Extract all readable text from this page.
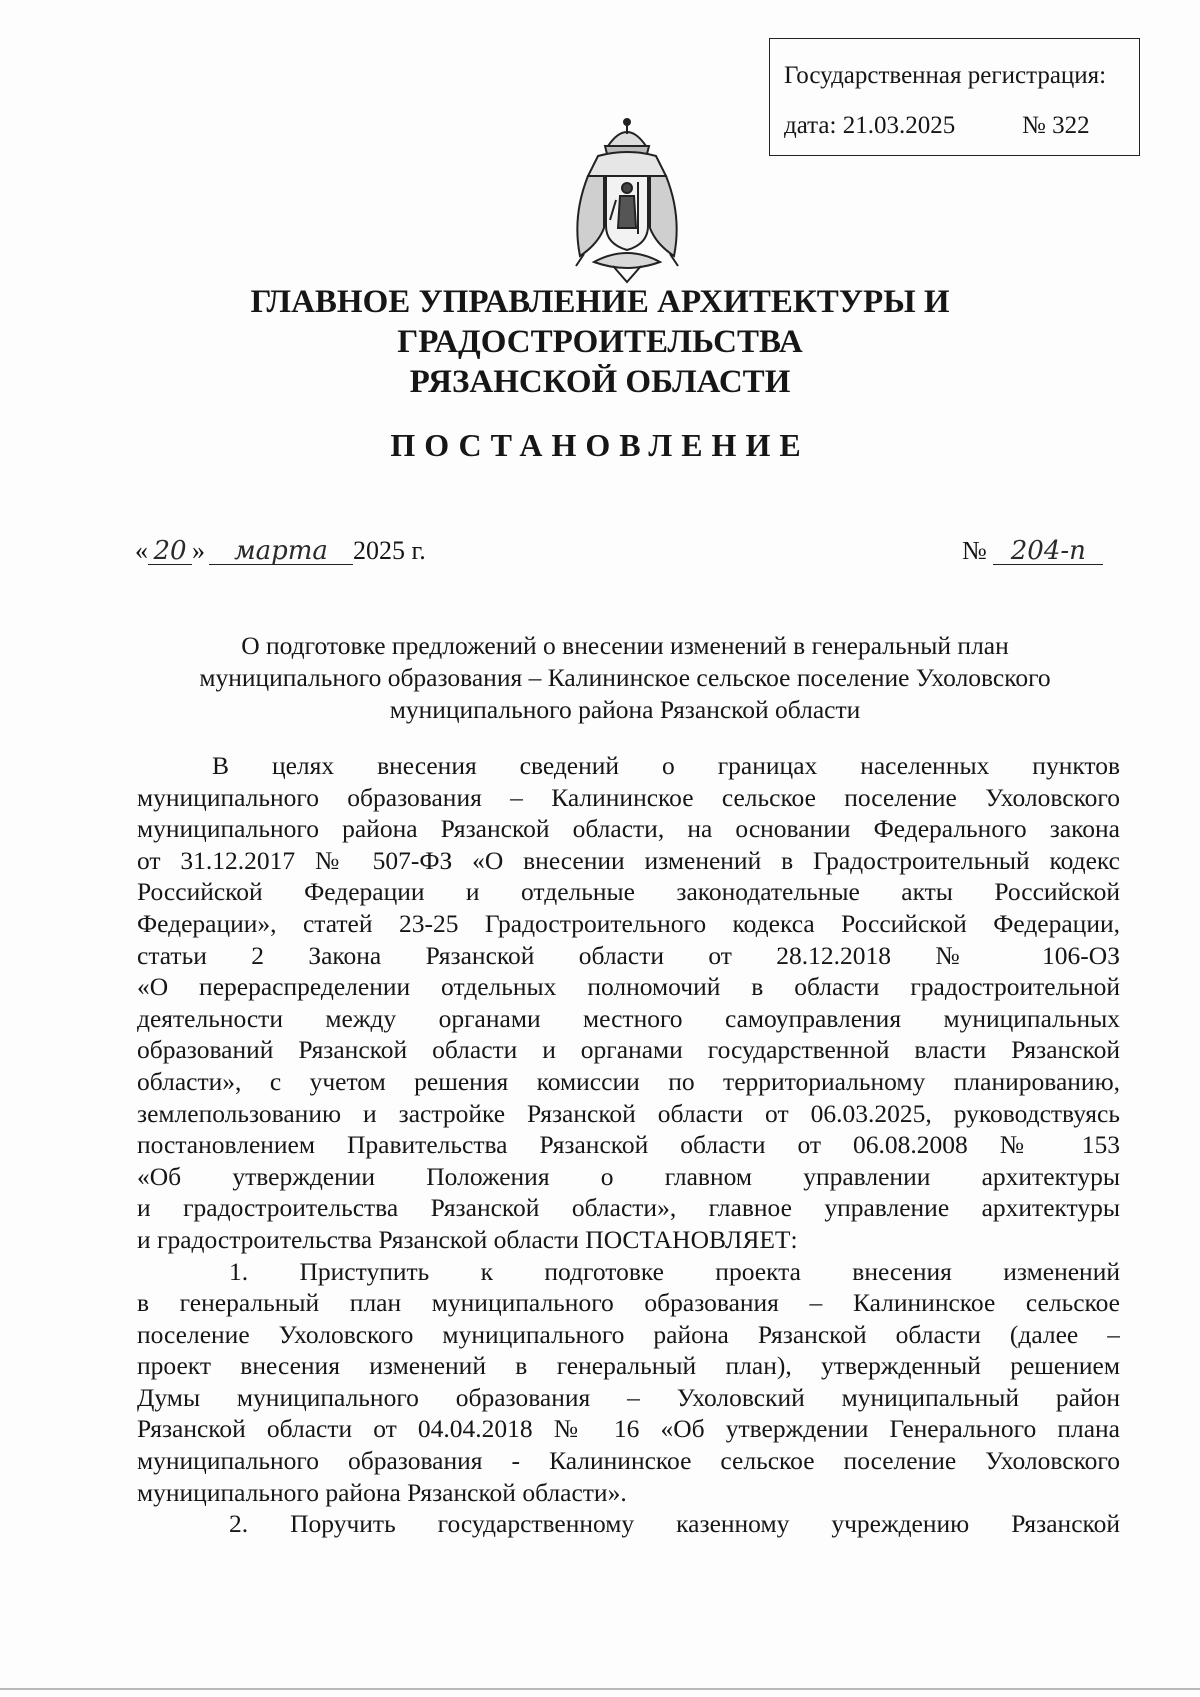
Государственная регистрация:
дата: 21.03.2025	№ 322
ГЛАВНОЕ УПРАВЛЕНИЕ АРХИТЕКТУРЫ И ГРАДОСТРОИТЕЛЬСТВА
РЯЗАНСКОЙ ОБЛАСТИ
ПОСТАНОВЛЕНИЕ
« 20 » марта 2025 г.	№ 204-п
О подготовке предложений о внесении изменений в генеральный план
муниципального образования – Калининское сельское поселение Ухоловского
муниципального района Рязанской области
В целях внесения сведений о границах населенных пунктов
муниципального образования – Калининское сельское поселение Ухоловского
муниципального района Рязанской области, на основании Федерального закона
от 31.12.2017 № 507-ФЗ «О внесении изменений в Градостроительный кодекс
Российской Федерации и отдельные законодательные акты Российской
Федерации», статей 23-25 Градостроительного кодекса Российской Федерации,
статьи 2 Закона Рязанской области от 28.12.2018 № 106-ОЗ
«О перераспределении отдельных полномочий в области градостроительной
деятельности между органами местного самоуправления муниципальных
образований Рязанской области и органами государственной власти Рязанской
области», с учетом решения комиссии по территориальному планированию,
землепользованию и застройке Рязанской области от 06.03.2025, руководствуясь
постановлением Правительства Рязанской области от 06.08.2008 № 153
«Об утверждении Положения о главном управлении архитектуры
и градостроительства Рязанской области», главное управление архитектуры
и градостроительства Рязанской области ПОСТАНОВЛЯЕТ:
1. Приступить к подготовке проекта внесения изменений
в генеральный план муниципального образования – Калининское сельское
поселение Ухоловского муниципального района Рязанской области (далее –
проект внесения изменений в генеральный план), утвержденный решением
Думы муниципального образования – Ухоловский муниципальный район
Рязанской области от 04.04.2018 № 16 «Об утверждении Генерального плана
муниципального образования - Калининское сельское поселение Ухоловского
муниципального района Рязанской области».
2. Поручить государственному казенному учреждению Рязанской
